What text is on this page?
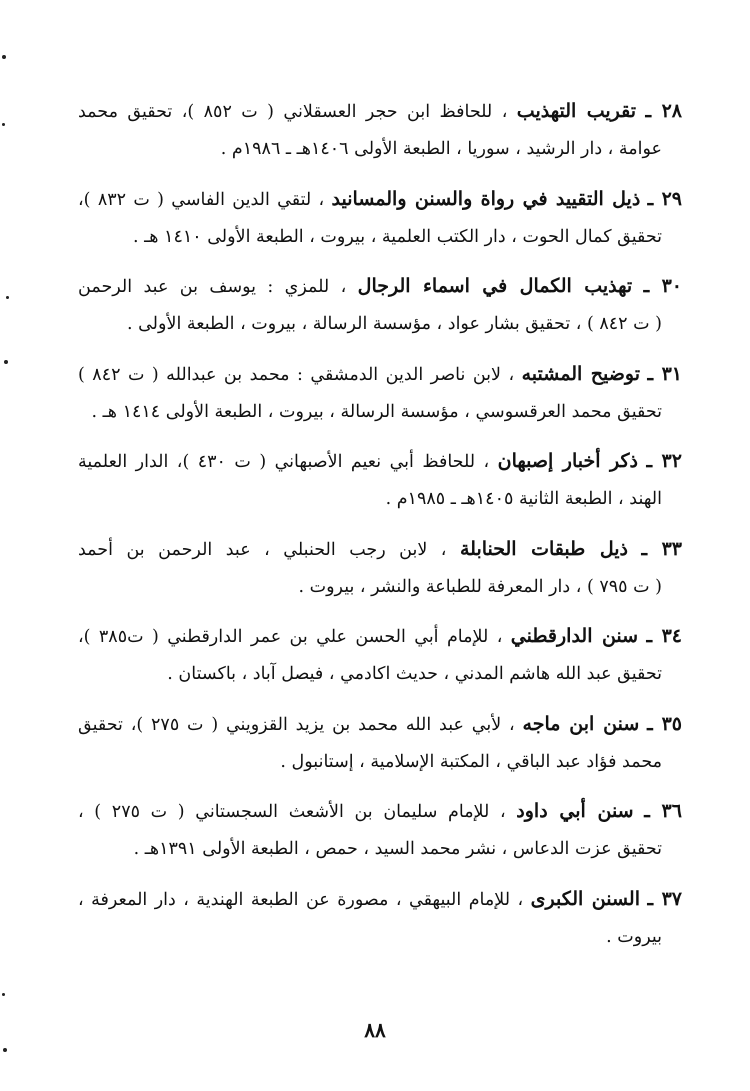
٢٨ ـ تقريب التهذيب ، للحافظ ابن حجر العسقلاني ( ت ٨٥٢ )، تحقيق محمد
عوامة ، دار الرشيد ، سوريا ، الطبعة الأولى ١٤٠٦هـ ـ ١٩٨٦م .
٢٩ ـ ذيل التقييد في رواة والسنن والمسانيد ، لتقي الدين الفاسي ( ت ٨٣٢ )،
تحقيق كمال الحوت ، دار الكتب العلمية ، بيروت ، الطبعة الأولى ١٤١٠ هـ .
٣٠ ـ تهذيب الكمال في اسماء الرجال ، للمزي : يوسف بن عبد الرحمن
( ت ٨٤٢ ) ، تحقيق بشار عواد ، مؤسسة الرسالة ، بيروت ، الطبعة الأولى .
٣١ ـ توضيح المشتبه ، لابن ناصر الدين الدمشقي : محمد بن عبدالله ( ت ٨٤٢ )
تحقيق محمد العرقسوسي ، مؤسسة الرسالة ، بيروت ، الطبعة الأولى ١٤١٤ هـ .
٣٢ ـ ذكر أخبار إصبهان ، للحافظ أبي نعيم الأصبهاني ( ت ٤٣٠ )، الدار العلمية
الهند ، الطبعة الثانية ١٤٠٥هـ ـ ١٩٨٥م .
٣٣ ـ ذيل طبقات الحنابلة ، لابن رجب الحنبلي ، عبد الرحمن بن أحمد
( ت ٧٩٥ ) ، دار المعرفة للطباعة والنشر ، بيروت .
٣٤ ـ سنن الدارقطني ، للإمام أبي الحسن علي بن عمر الدارقطني ( ت٣٨٥ )،
تحقيق عبد الله هاشم المدني ، حديث اكادمي ، فيصل آباد ، باكستان .
٣٥ ـ سنن ابن ماجه ، لأبي عبد الله محمد بن يزيد القزويني ( ت ٢٧٥ )، تحقيق
محمد فؤاد عبد الباقي ، المكتبة الإسلامية ، إستانبول .
٣٦ ـ سنن أبي داود ، للإمام سليمان بن الأشعث السجستاني ( ت ٢٧٥ ) ،
تحقيق عزت الدعاس ، نشر محمد السيد ، حمص ، الطبعة الأولى ١٣٩١هـ .
٣٧ ـ السنن الكبرى ، للإمام البيهقي ، مصورة عن الطبعة الهندية ، دار المعرفة ،
بيروت .
٨٨
